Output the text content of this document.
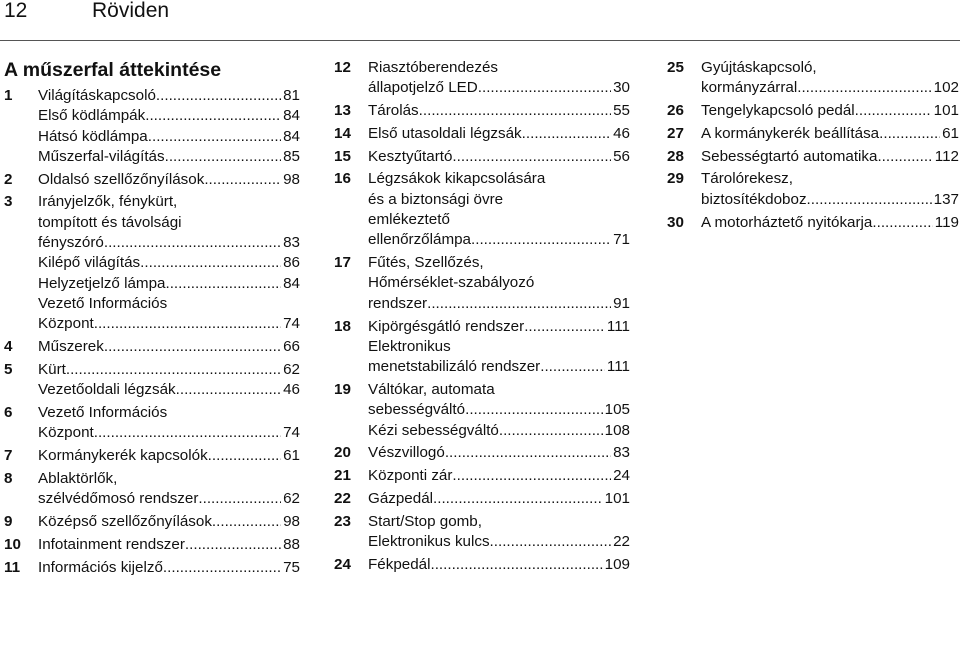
12	Röviden
A műszerfal áttekintése
1 Világításkapcsoló .....	81
Első ködlámpák .....	84
Hátsó ködlámpa .....	84
Műszerfal-világítás .....	85
2 Oldalsó szellőzőnyílások .....	98
3 Irányjelzők, fénykürt,
tompított és távolsági
fényszóró .....	83
Kilépő világítás .....	86
Helyzetjelző lámpa .....	84
Vezető Információs
Központ .....	74
4 Műszerek .....	66
5 Kürt .....	62
Vezetőoldali légzsák .....	46
6 Vezető Információs
Központ .....	74
7 Kormánykerék kapcsolók .....	61
8 Ablaktörlők,
szélvédőmosó rendszer .....	62
9 Középső szellőzőnyílások .....	98
10 Infotainment rendszer .....	88
11 Információs kijelző .....	75
12 Riasztóberendezés
állapotjelző LED .....	30
13 Tárolás .....	55
14 Első utasoldali légzsák .....	46
15 Kesztyűtartó .....	56
16 Légzsákok kikapcsolására
és a biztonsági övre
emlékeztető
ellenőrzőlámpa .....	71
17 Fűtés, Szellőzés,
Hőmérséklet-szabályozó
rendszer .....	91
18 Kipörgésgátló rendszer .....	111
Elektronikus
menetstabilizáló rendszer .....	111
19 Váltókar, automata
sebességváltó .....	105
Kézi sebességváltó .....	108
20 Vészvillogó .....	83
21 Központi zár .....	24
22 Gázpedál .....	101
23 Start/Stop gomb,
Elektronikus kulcs .....	22
24 Fékpedál .....	109
25 Gyújtáskapcsoló,
kormányzárral .....	102
26 Tengelykapcsoló pedál .....	101
27 A kormánykerék beállítása .....	61
28 Sebességtartó automatika .....	112
29 Tárolórekesz,
biztosítékdoboz .....	137
30 A motorháztető nyitókarja .....	119
